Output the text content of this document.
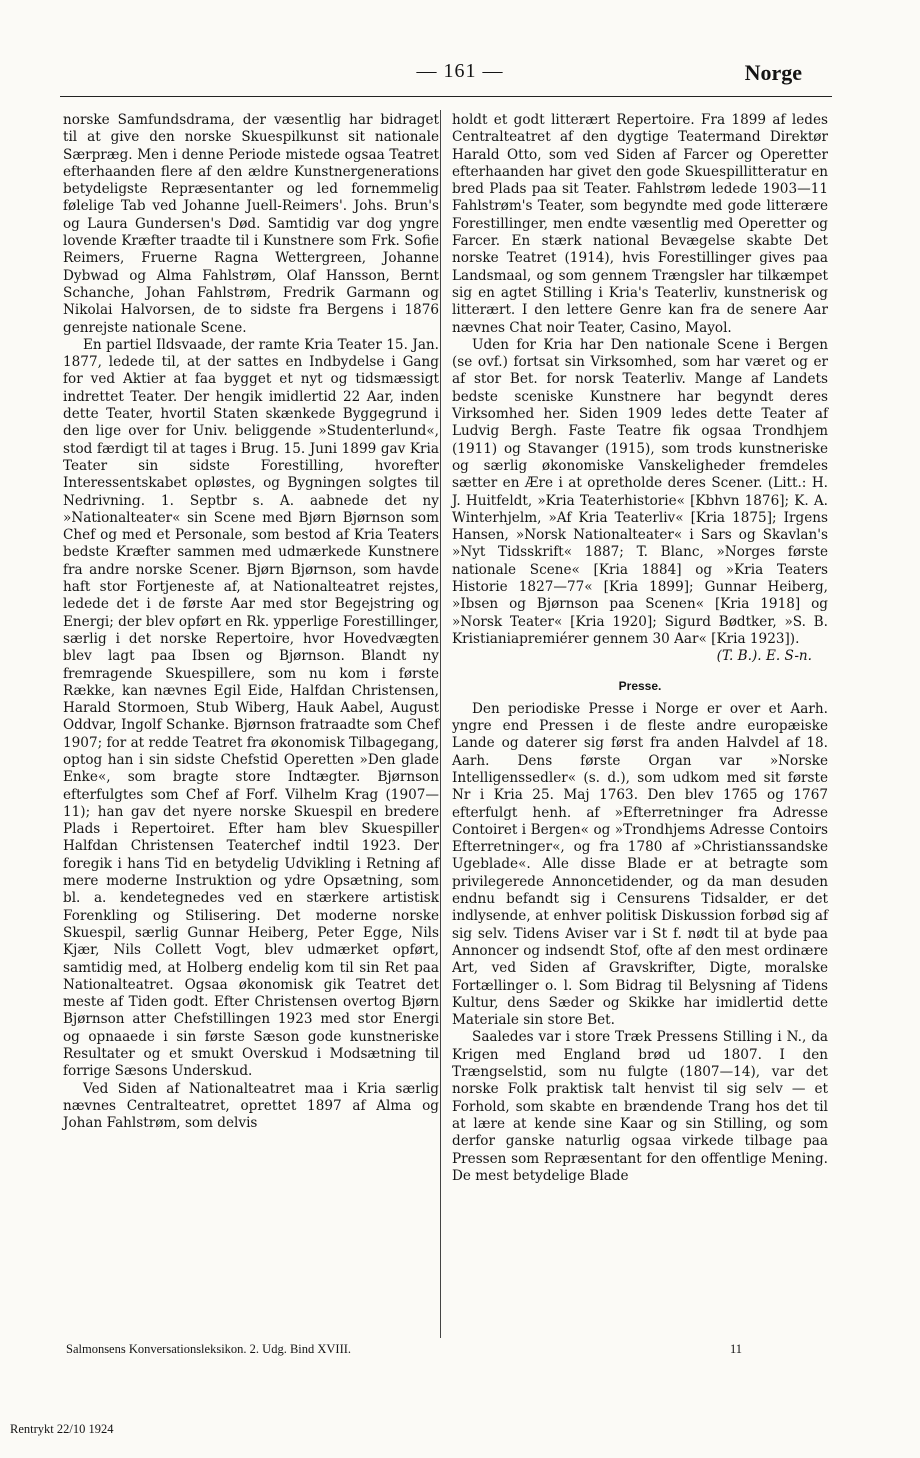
— 161 —	Norge

norske Samfundsdrama, der væsentlig har bidraget til at give den norske Skuespilkunst sit nationale Særpræg. Men i denne Periode mistede ogsaa Teatret efterhaanden flere af den ældre Kunstnergenerations betydeligste Repræsentanter og led fornemmelig følelige Tab ved Johanne Juell-Reimers'. Johs. Brun's og Laura Gundersen's Død. Samtidig var dog yngre lovende Kræfter traadte til i Kunstnere som Frk. Sofie Reimers, Fruerne Ragna Wettergreen, Johanne Dybwad og Alma Fahlstrøm, Olaf Hansson, Bernt Schanche, Johan Fahlstrøm, Fredrik Garmann og Nikolai Halvorsen, de to sidste fra Bergens i 1876 genrejste nationale Scene.

En partiel Ildsvaade, der ramte Kria Teater 15. Jan. 1877, ledede til, at der sattes en Indbydelse i Gang for ved Aktier at faa bygget et nyt og tidsmæssigt indrettet Teater. Der hengik imidlertid 22 Aar, inden dette Teater, hvortil Staten skænkede Byggegrund i den lige over for Univ. beliggende »Studenterlund«, stod færdigt til at tages i Brug. 15. Juni 1899 gav Kria Teater sin sidste Forestilling, hvorefter Interessentskabet opløstes, og Bygningen solgtes til Nedrivning. 1. Septbr s. A. aabnede det ny »Nationalteater« sin Scene med Bjørn Bjørnson som Chef og med et Personale, som bestod af Kria Teaters bedste Kræfter sammen med udmærkede Kunstnere fra andre norske Scener. Bjørn Bjørnson, som havde haft stor Fortjeneste af, at Nationalteatret rejstes, ledede det i de første Aar med stor Begejstring og Energi; der blev opført en Rk. ypperlige Forestillinger, særlig i det norske Repertoire, hvor Hovedvægten blev lagt paa Ibsen og Bjørnson. Blandt ny fremragende Skuespillere, som nu kom i første Række, kan nævnes Egil Eide, Halfdan Christensen, Harald Stormoen, Stub Wiberg, Hauk Aabel, August Oddvar, Ingolf Schanke. Bjørnson fratraadte som Chef 1907; for at redde Teatret fra økonomisk Tilbagegang, optog han i sin sidste Chefstid Operetten »Den glade Enke«, som bragte store Indtægter. Bjørnson efterfulgtes som Chef af Forf. Vilhelm Krag (1907—11); han gav det nyere norske Skuespil en bredere Plads i Repertoiret. Efter ham blev Skuespiller Halfdan Christensen Teaterchef indtil 1923. Der foregik i hans Tid en betydelig Udvikling i Retning af mere moderne Instruktion og ydre Opsætning, som bl. a. kendetegnedes ved en stærkere artistisk Forenkling og Stilisering. Det moderne norske Skuespil, særlig Gunnar Heiberg, Peter Egge, Nils Kjær, Nils Collett Vogt, blev udmærket opført, samtidig med, at Holberg endelig kom til sin Ret paa Nationalteatret. Ogsaa økonomisk gik Teatret det meste af Tiden godt. Efter Christensen overtog Bjørn Bjørnson atter Chefstillingen 1923 med stor Energi og opnaaede i sin første Sæson gode kunstneriske Resultater og et smukt Overskud i Modsætning til forrige Sæsons Underskud.

Ved Siden af Nationalteatret maa i Kria særlig nævnes Centralteatret, oprettet 1897 af Alma og Johan Fahlstrøm, som delvis

holdt et godt litterært Repertoire. Fra 1899 af ledes Centralteatret af den dygtige Teatermand Direktør Harald Otto, som ved Siden af Farcer og Operetter efterhaanden har givet den gode Skuespillitteratur en bred Plads paa sit Teater. Fahlstrøm ledede 1903—11 Fahlstrøm's Teater, som begyndte med gode litterære Forestillinger, men endte væsentlig med Operetter og Farcer. En stærk national Bevægelse skabte Det norske Teatret (1914), hvis Forestillinger gives paa Landsmaal, og som gennem Trængsler har tilkæmpet sig en agtet Stilling i Kria's Teaterliv, kunstnerisk og litterært. I den lettere Genre kan fra de senere Aar nævnes Chat noir Teater, Casino, Mayol.

Uden for Kria har Den nationale Scene i Bergen (se ovf.) fortsat sin Virksomhed, som har været og er af stor Bet. for norsk Teaterliv. Mange af Landets bedste sceniske Kunstnere har begyndt deres Virksomhed her. Siden 1909 ledes dette Teater af Ludvig Bergh. Faste Teatre fik ogsaa Trondhjem (1911) og Stavanger (1915), som trods kunstneriske og særlig økonomiske Vanskeligheder fremdeles sætter en Ære i at opretholde deres Scener. (Litt.: H. J. Huitfeldt, »Kria Teaterhistorie« [Kbhvn 1876]; K. A. Winterhjelm, »Af Kria Teaterliv« [Kria 1875]; Irgens Hansen, »Norsk Nationalteater« i Sars og Skavlan's »Nyt Tidsskrift« 1887; T. Blanc, »Norges første nationale Scene« [Kria 1884] og »Kria Teaters Historie 1827—77« [Kria 1899]; Gunnar Heiberg, »Ibsen og Bjørnson paa Scenen« [Kria 1918] og »Norsk Teater« [Kria 1920]; Sigurd Bødtker, »S. B. Kristianiapremiérer gennem 30 Aar« [Kria 1923]).

(T. B.). E. S-n.

Presse.

Den periodiske Presse i Norge er over et Aarh. yngre end Pressen i de fleste andre europæiske Lande og daterer sig først fra anden Halvdel af 18. Aarh. Dens første Organ var »Norske Intelligenssedler« (s. d.), som udkom med sit første Nr i Kria 25. Maj 1763. Den blev 1765 og 1767 efterfulgt henh. af »Efterretninger fra Adresse Contoiret i Bergen« og »Trondhjems Adresse Contoirs Efterretninger«, og fra 1780 af »Christianssandske Ugeblade«. Alle disse Blade er at betragte som privilegerede Annoncetidender, og da man desuden endnu befandt sig i Censurens Tidsalder, er det indlysende, at enhver politisk Diskussion forbød sig af sig selv. Tidens Aviser var i St f. nødt til at byde paa Annoncer og indsendt Stof, ofte af den mest ordinære Art, ved Siden af Gravskrifter, Digte, moralske Fortællinger o. l. Som Bidrag til Belysning af Tidens Kultur, dens Sæder og Skikke har imidlertid dette Materiale sin store Bet.

Saaledes var i store Træk Pressens Stilling i N., da Krigen med England brød ud 1807. I den Trængselstid, som nu fulgte (1807—14), var det norske Folk praktisk talt henvist til sig selv — et Forhold, som skabte en brændende Trang hos det til at lære at kende sine Kaar og sin Stilling, og som derfor ganske naturlig ogsaa virkede tilbage paa Pressen som Repræsentant for den offentlige Mening. De mest betydelige Blade

Salmonsens Konversationsleksikon. 2. Udg. Bind XVIII.	11
Rentrykt 22/10 1924
